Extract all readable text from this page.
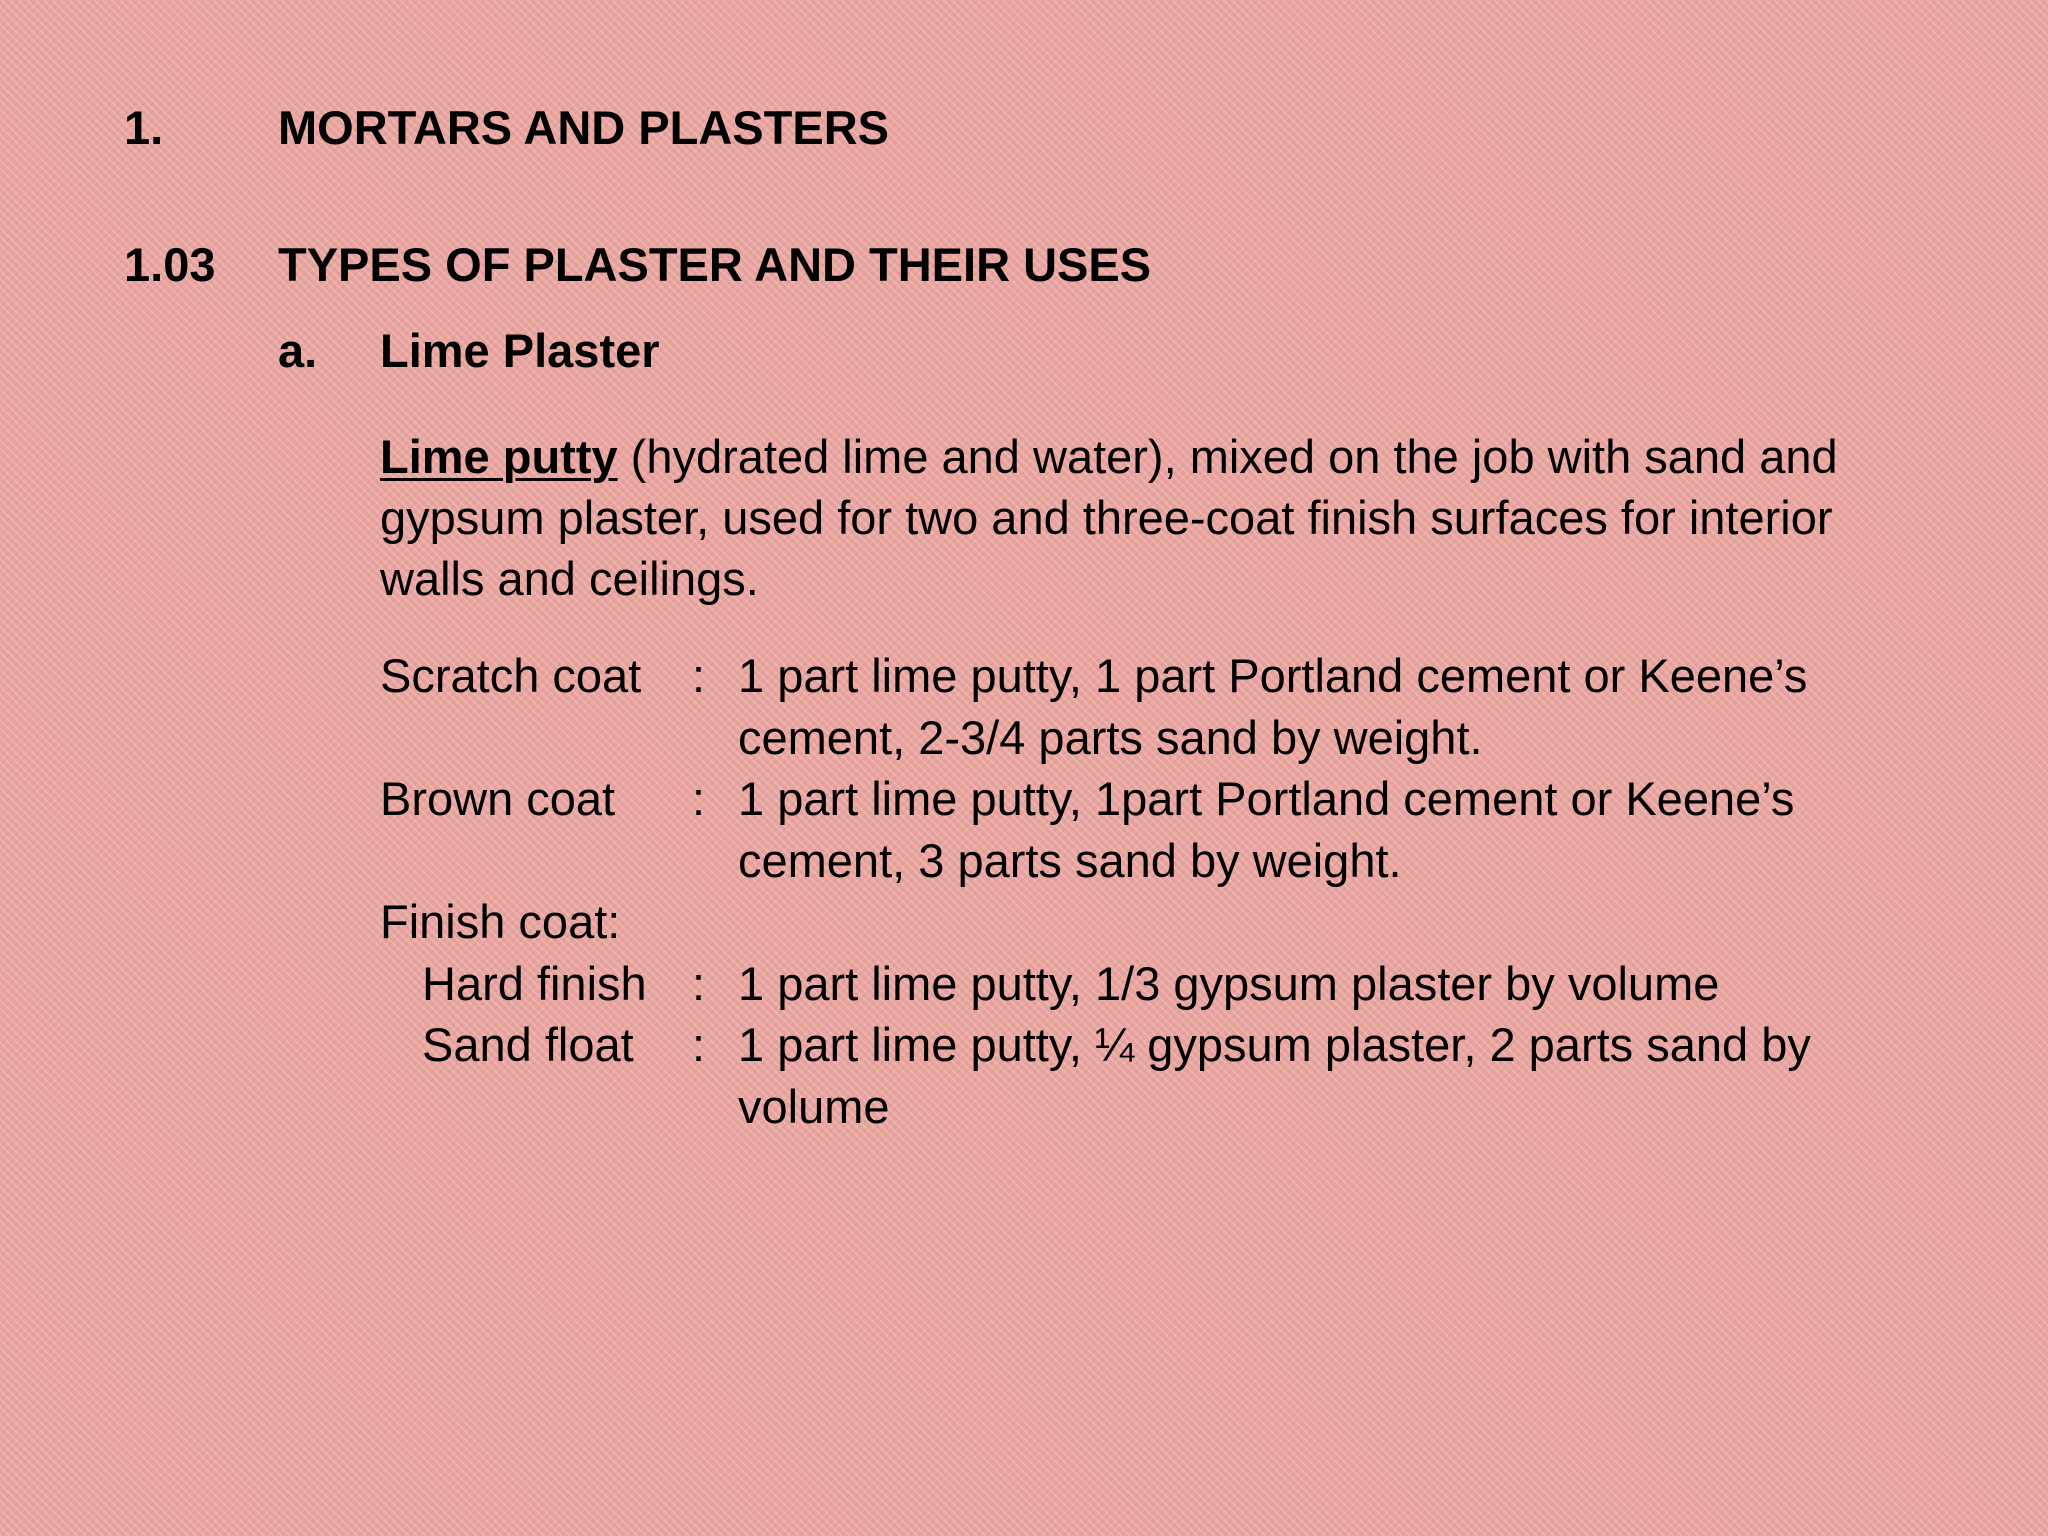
1. MORTARS AND PLASTERS
1.03 TYPES OF PLASTER AND THEIR USES
a. Lime Plaster
Lime putty (hydrated lime and water), mixed on the job with sand and gypsum plaster, used for two and three-coat finish surfaces for interior walls and ceilings.
Scratch coat : 1 part lime putty, 1 part Portland cement or Keene’s cement, 2-3/4 parts sand by weight.
Brown coat : 1 part lime putty, 1part Portland cement or Keene’s cement, 3 parts sand by weight.
Finish coat:
Hard finish : 1 part lime putty, 1/3 gypsum plaster by volume
Sand float : 1 part lime putty, ¼ gypsum plaster, 2 parts sand by volume
